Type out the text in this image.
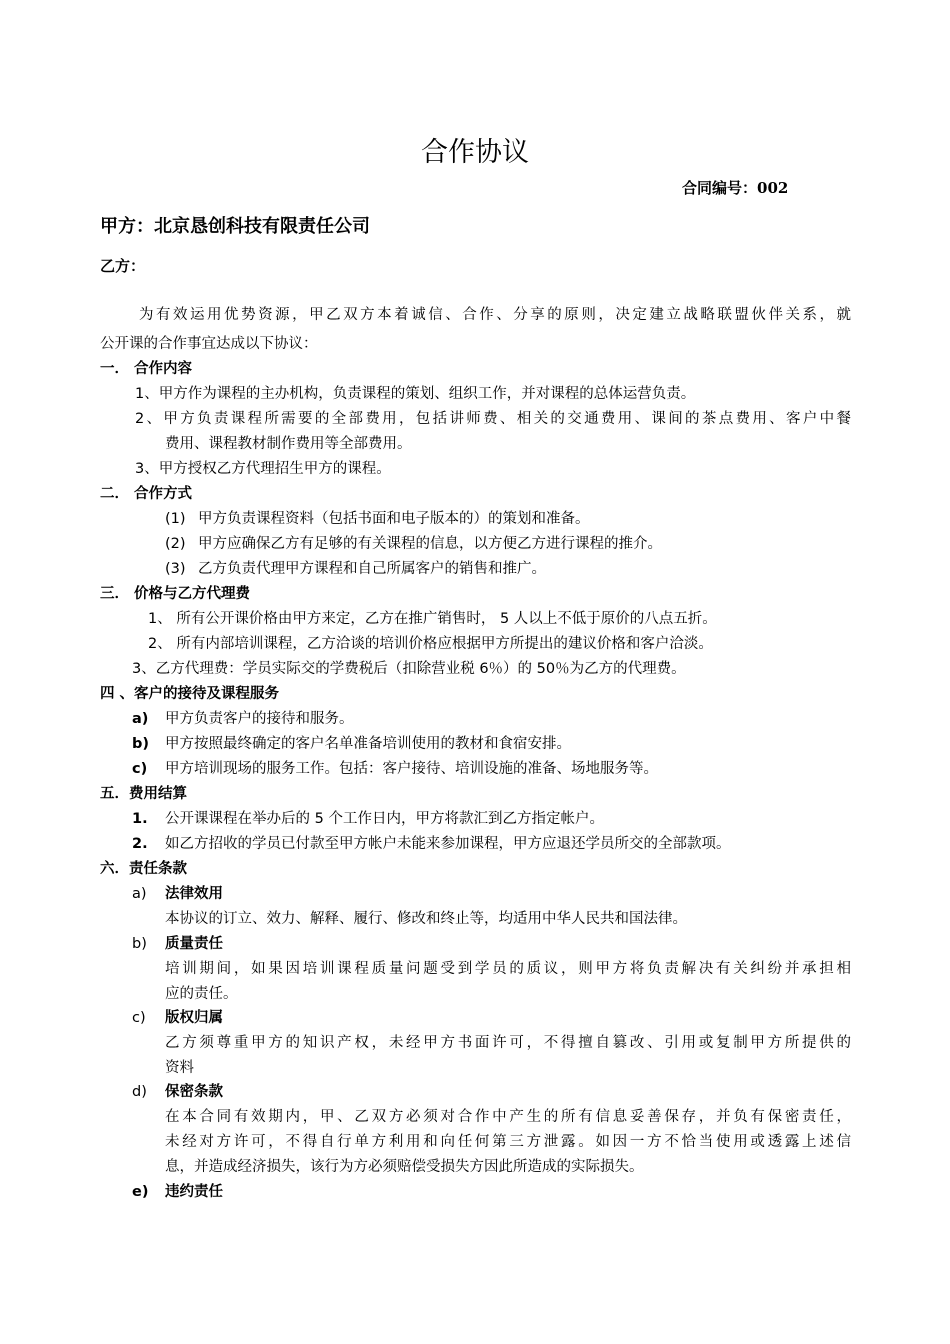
合作协议
合同编号：002
甲方：北京恳创科技有限责任公司
乙方：
为有效运用优势资源，甲乙双方本着诚信、合作、分享的原则，决定建立战略联盟伙伴关系，就
公开课的合作事宜达成以下协议：
一． 合作内容
1、甲方作为课程的主办机构，负责课程的策划、组织工作，并对课程的总体运营负责。
2、甲方负责课程所需要的全部费用，包括讲师费、相关的交通费用、课间的茶点费用、客户中餐
费用、课程教材制作费用等全部费用。
3、甲方授权乙方代理招生甲方的课程。
二． 合作方式
(1) 甲方负责课程资料（包括书面和电子版本的）的策划和准备。
(2) 甲方应确保乙方有足够的有关课程的信息，以方便乙方进行课程的推介。
(3) 乙方负责代理甲方课程和自己所属客户的销售和推广。
三． 价格与乙方代理费
1、 所有公开课价格由甲方来定，乙方在推广销售时， 5 人以上不低于原价的八点五折。
2、 所有内部培训课程，乙方洽谈的培训价格应根据甲方所提出的建议价格和客户洽淡。
3、乙方代理费：学员实际交的学费税后（扣除营业税 6％）的 50％为乙方的代理费。
四 、客户的接待及课程服务
a) 甲方负责客户的接待和服务。
b) 甲方按照最终确定的客户名单准备培训使用的教材和食宿安排。
c) 甲方培训现场的服务工作。包括：客户接待、培训设施的准备、场地服务等。
五．费用结算
1. 公开课课程在举办后的 5 个工作日内，甲方将款汇到乙方指定帐户。
2. 如乙方招收的学员已付款至甲方帐户未能来参加课程，甲方应退还学员所交的全部款项。
六．责任条款
a) 法律效用
本协议的订立、效力、解释、履行、修改和终止等，均适用中华人民共和国法律。
b) 质量责任
培训期间，如果因培训课程质量问题受到学员的质议，则甲方将负责解决有关纠纷并承担相
应的责任。
c) 版权归属
乙方须尊重甲方的知识产权，未经甲方书面许可，不得擅自篡改、引用或复制甲方所提供的
资料
d) 保密条款
在本合同有效期内，甲、乙双方必须对合作中产生的所有信息妥善保存，并负有保密责任，
未经对方许可，不得自行单方利用和向任何第三方泄露。如因一方不恰当使用或透露上述信
息，并造成经济损失，该行为方必须赔偿受损失方因此所造成的实际损失。
e) 违约责任
